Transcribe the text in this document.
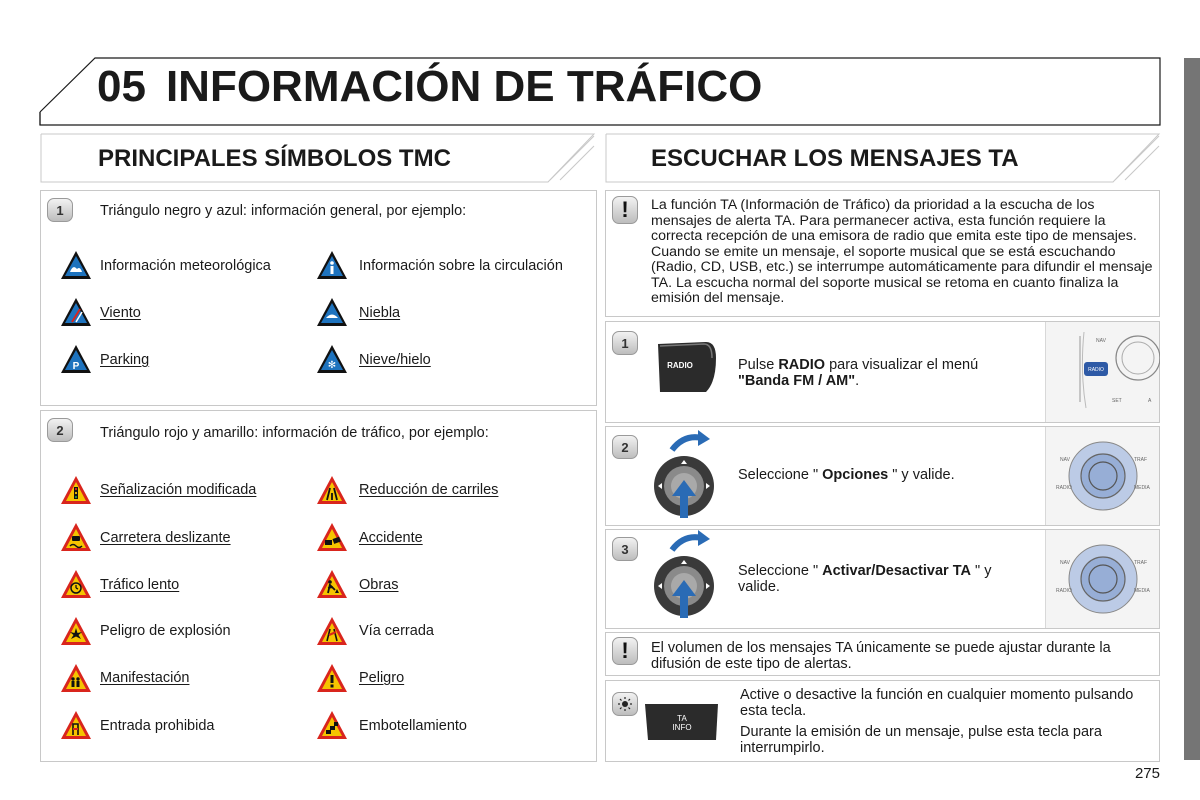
05 INFORMACIÓN DE TRÁFICO
PRINCIPALES SÍMBOLOS TMC	ESCUCHAR LOS MENSAJES TA
1	Triángulo negro y azul: información general, por ejemplo:
Información meteorológica	Información sobre la circulación
Viento	Niebla
P Parking	✻ Nieve/hielo
2	Triángulo rojo y amarillo: información de tráfico, por ejemplo:
Señalización modificada	Reducción de carriles
Carretera deslizante	Accidente
Tráfico lento	Obras
Peligro de explosión	Vía cerrada
Manifestación	Peligro
Entrada prohibida	Embotellamiento
!	La función TA (Información de Tráfico) da prioridad a la escucha de los mensajes de alerta TA. Para permanecer activa, esta función requiere la correcta recepción de una emisora de radio que emita este tipo de mensajes. Cuando se emite un mensaje, el soporte musical que se está escuchando (Radio, CD, USB, etc.) se interrumpe automáticamente para difundir el mensaje TA. La escucha normal del soporte musical se retoma en cuanto finaliza la emisión del mensaje.
1
2
3
RADIO	Pulse RADIO para visualizar el menú "Banda FM / AM".
RADIO
NAV
SET	A
Seleccione " Opciones " y valide.
NAV	TRAF
RADIO	MEDIA
Seleccione " Activar/Desactivar TA " y valide.
NAV	TRAF
RADIO	MEDIA
!	El volumen de los mensajes TA únicamente se puede ajustar durante la difusión de este tipo de alertas.
TA
INFO
Active o desactive la función en cualquier momento pulsando esta tecla.
Durante la emisión de un mensaje, pulse esta tecla para interrumpirlo.
275
